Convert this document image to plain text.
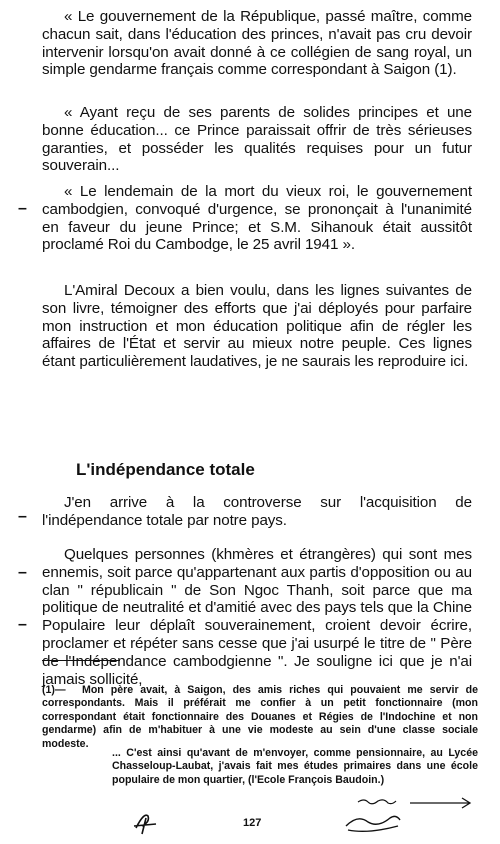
« Le gouvernement de la République, passé maître, comme chacun sait, dans l'éducation des princes, n'avait pas cru devoir intervenir lorsqu'on avait donné à ce collégien de sang royal, un simple gendarme français comme correspondant à Saigon (1).

« Ayant reçu de ses parents de solides principes et une bonne éducation... ce Prince paraissait offrir de très sérieuses garanties, et posséder les qualités requises pour un futur souverain...

« Le lendemain de la mort du vieux roi, le gouvernement cambodgien, convoqué d'urgence, se prononçait à l'unanimité en faveur du jeune Prince; et S.M. Sihanouk était aussitôt proclamé Roi du Cambodge, le 25 avril 1941 ».

L'Amiral Decoux a bien voulu, dans les lignes suivantes de son livre, témoigner des efforts que j'ai déployés pour parfaire mon instruction et mon éducation politique afin de régler les affaires de l'État et servir au mieux notre peuple. Ces lignes étant particulièrement laudatives, je ne saurais les reproduire ici.

L'indépendance totale

J'en arrive à la controverse sur l'acquisition de l'indépendance totale par notre pays.

Quelques personnes (khmères et étrangères) qui sont mes ennemis, soit parce qu'appartenant aux partis d'opposition ou au clan " républicain " de Son Ngoc Thanh, soit parce que ma politique de neutralité et d'amitié avec des pays tels que la Chine Populaire leur déplaît souverainement, croient devoir écrire, proclamer et répéter sans cesse que j'ai usurpé le titre de " Père de l'Indépendance cambodgienne ". Je souligne ici que je n'ai jamais sollicité,

–
–
–
–

(1)— Mon père avait, à Saigon, des amis riches qui pouvaient me servir de correspondants. Mais il préférait me confier à un petit fonctionnaire (mon correspondant était fonctionnaire des Douanes et Régies de l'Indochine et non gendarme) afin de m'habituer à une vie modeste au sein d'une classe sociale modeste.

... C'est ainsi qu'avant de m'envoyer, comme pensionnaire, au Lycée Chasseloup-Laubat, j'avais fait mes études primaires dans une école populaire de mon quartier, (l'Ecole François Baudoin.)

127
